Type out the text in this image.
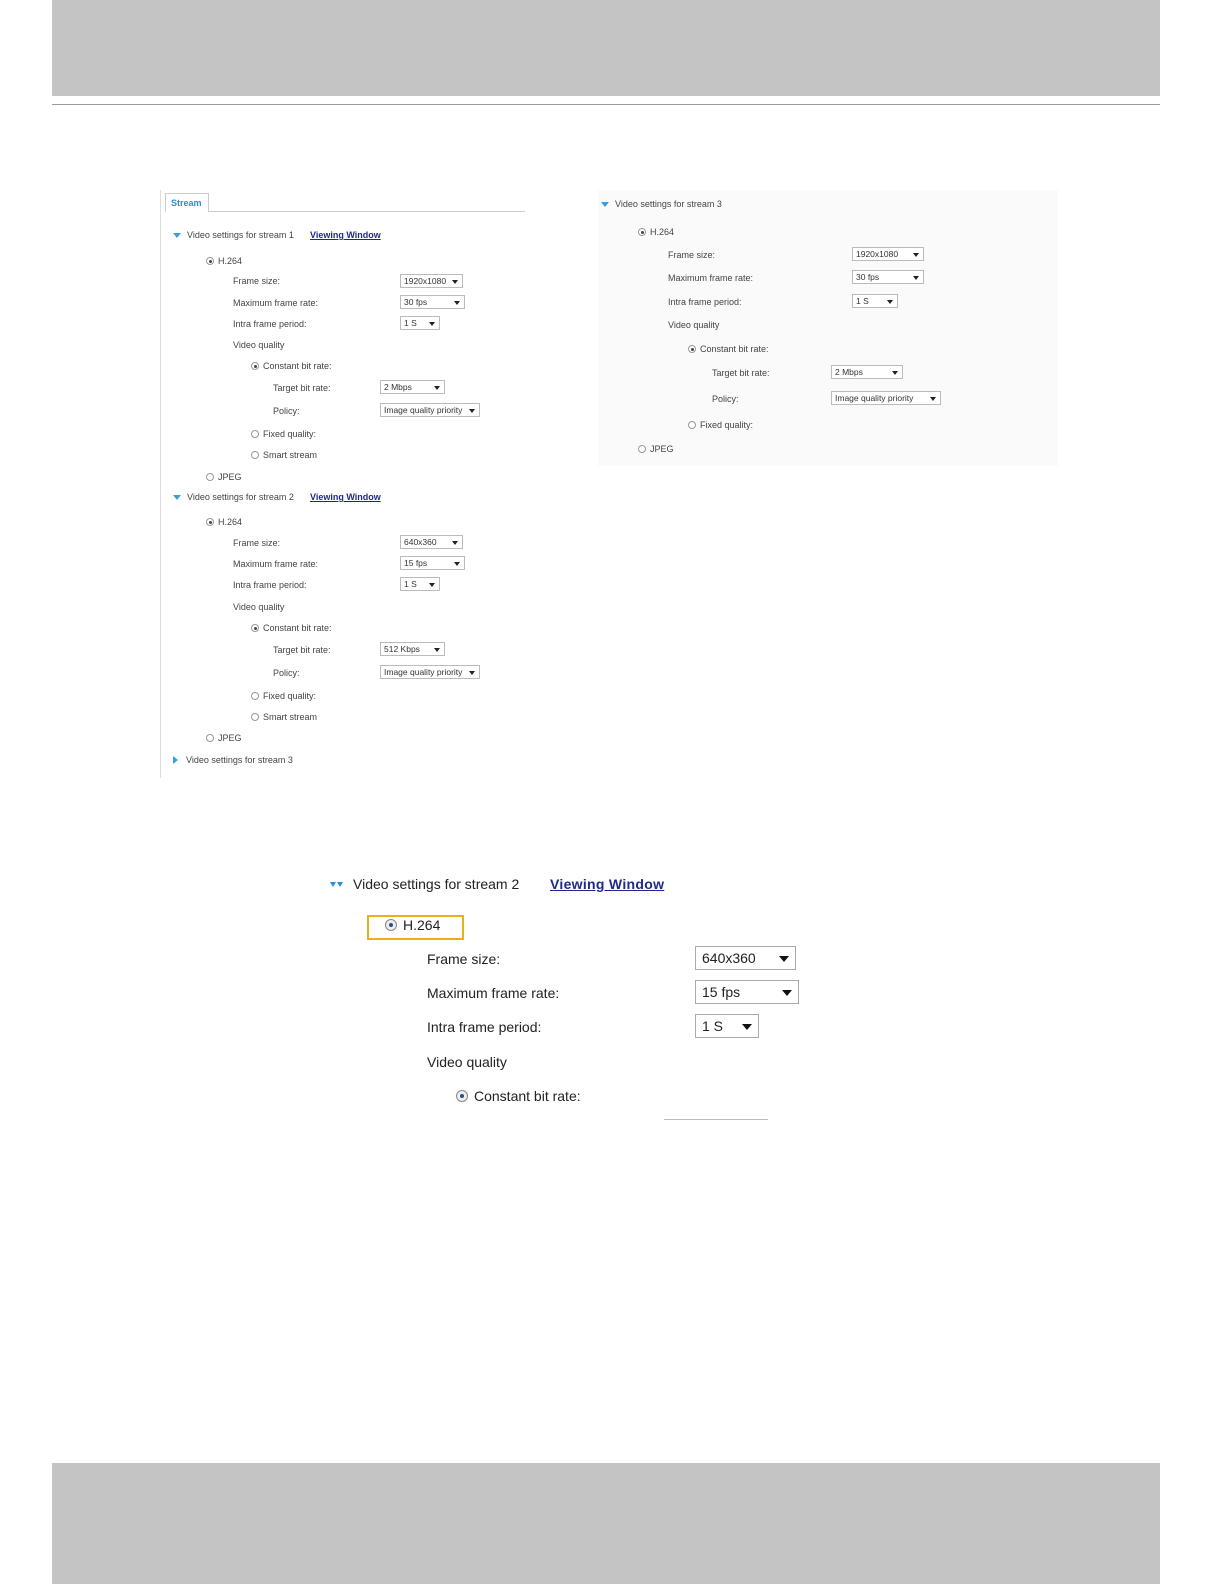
Stream
Video settings for stream 1 Viewing Window
H.264
Frame size:	1920x1080
Maximum frame rate:	30 fps
Intra frame period:	1 S
Video quality
Constant bit rate:
Target bit rate:	2 Mbps
Policy:	Image quality priority
Fixed quality:
Smart stream
JPEG
Video settings for stream 2 Viewing Window
H.264
Frame size:	640x360
Maximum frame rate:	15 fps
Intra frame period:	1 S
Video quality
Constant bit rate:
Target bit rate:	512 Kbps
Policy:	Image quality priority
Fixed quality:
Smart stream
JPEG
Video settings for stream 3
Video settings for stream 3
H.264
Frame size:	1920x1080
Maximum frame rate:	30 fps
Intra frame period:	1 S
Video quality
Constant bit rate:
Target bit rate:	2 Mbps
Policy:	Image quality priority
Fixed quality:
JPEG
Video settings for stream 2 Viewing Window
H.264
Frame size:	640x360
Maximum frame rate:	15 fps
Intra frame period:	1 S
Video quality
Constant bit rate:
